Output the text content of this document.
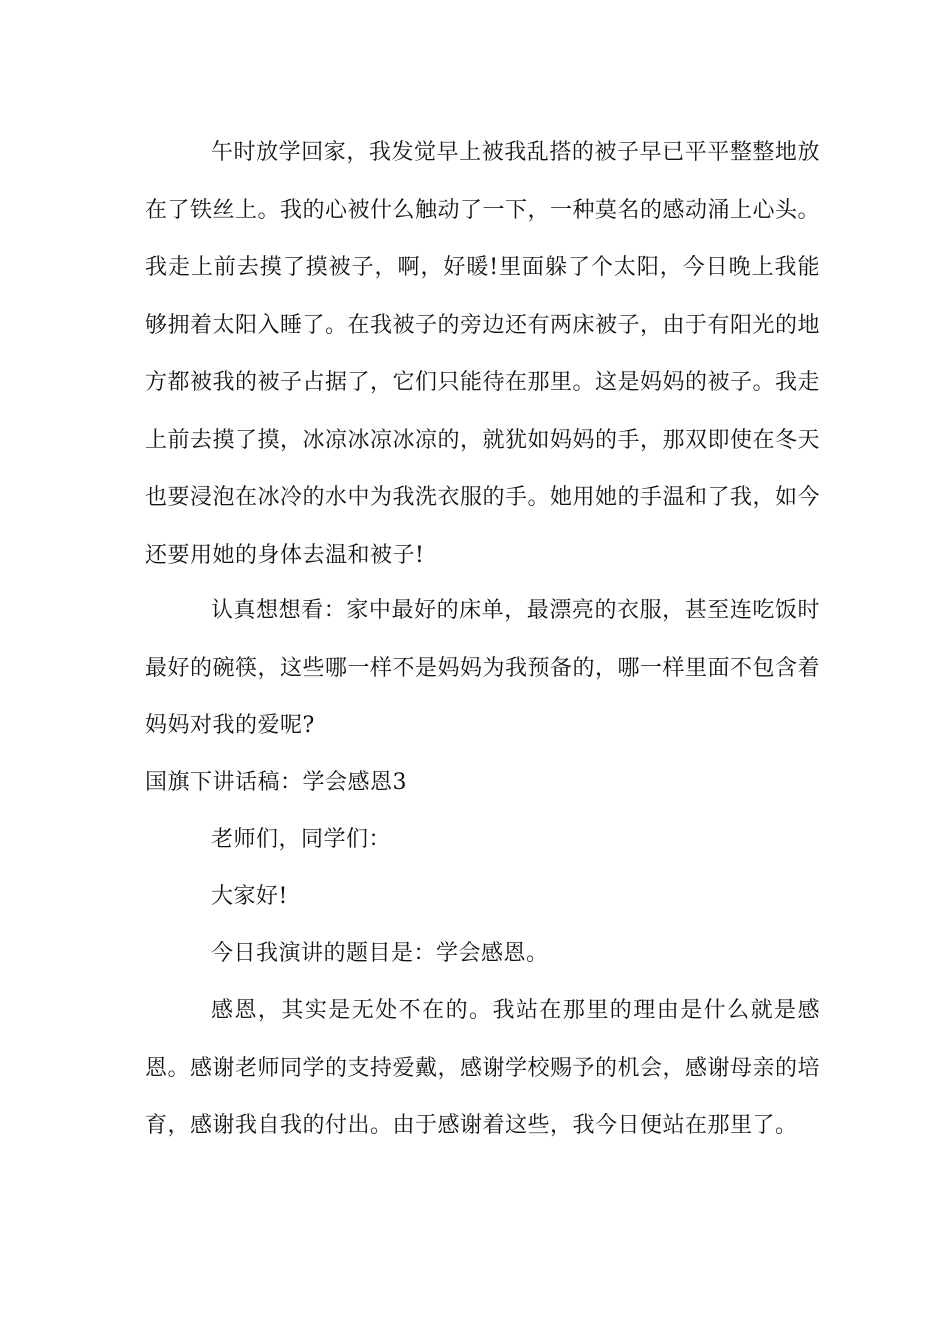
午时放学回家，我发觉早上被我乱搭的被子早已平平整整地放在了铁丝上。我的心被什么触动了一下，一种莫名的感动涌上心头。我走上前去摸了摸被子，啊，好暖!里面躲了个太阳，今日晚上我能够拥着太阳入睡了。在我被子的旁边还有两床被子，由于有阳光的地方都被我的被子占据了，它们只能待在那里。这是妈妈的被子。我走上前去摸了摸，冰凉冰凉冰凉的，就犹如妈妈的手，那双即使在冬天也要浸泡在冰冷的水中为我洗衣服的手。她用她的手温和了我，如今还要用她的身体去温和被子!

认真想想看：家中最好的床单，最漂亮的衣服，甚至连吃饭时最好的碗筷，这些哪一样不是妈妈为我预备的，哪一样里面不包含着妈妈对我的爱呢?

国旗下讲话稿：学会感恩3

老师们，同学们：

大家好!

今日我演讲的题目是：学会感恩。

感恩，其实是无处不在的。我站在那里的理由是什么就是感恩。感谢老师同学的支持爱戴，感谢学校赐予的机会，感谢母亲的培育，感谢我自我的付出。由于感谢着这些，我今日便站在那里了。
